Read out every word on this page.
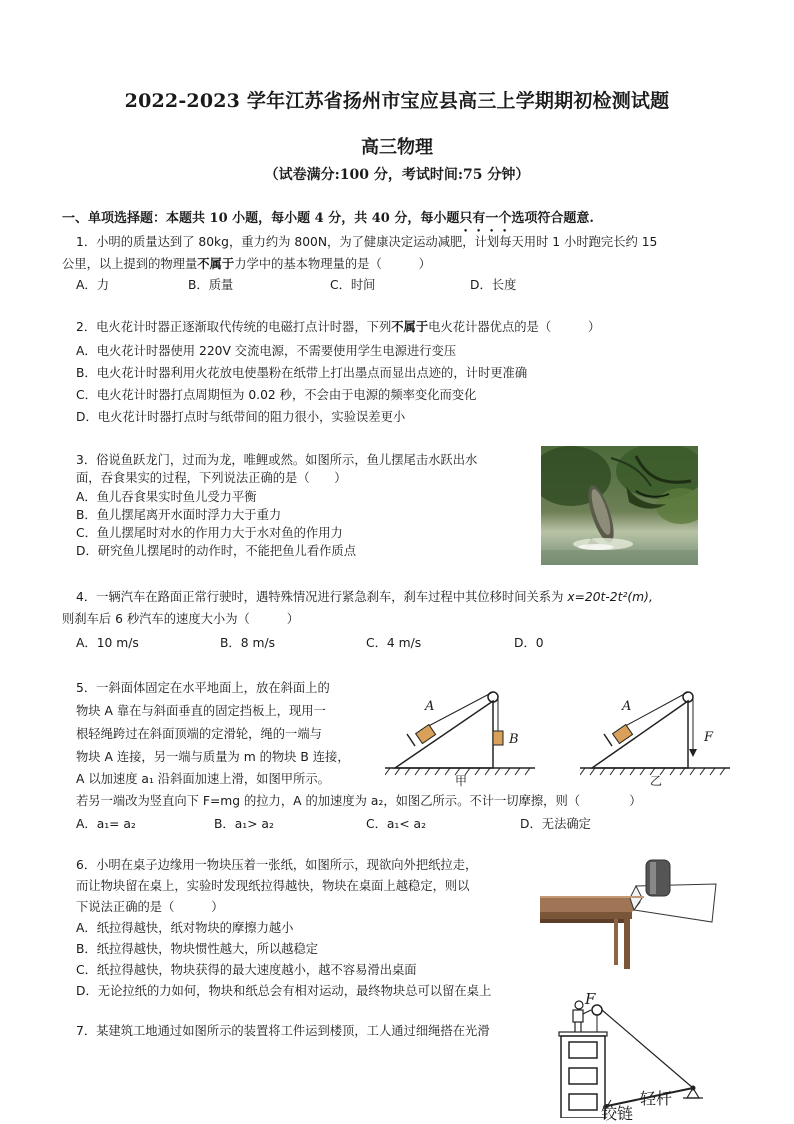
2022-2023 学年江苏省扬州市宝应县高三上学期期初检测试题
高三物理
（试卷满分:100 分，考试时间:75 分钟）
一、单项选择题：本题共 10 小题，每小题 4 分，共 40 分，每小题只有一个选项符合题意.
1．小明的质量达到了 80kg，重力约为 800N，为了健康决定运动减肥，计划每天用时 1 小时跑完长约 15
公里，以上提到的物理量不属于力学中的基本物理量的是（　　　）
A．力	B．质量	C．时间	D．长度
2．电火花计时器正逐渐取代传统的电磁打点计时器，下列不属于电火花计器优点的是（　　　）
A．电火花计时器使用 220V 交流电源，不需要使用学生电源进行变压
B．电火花计时器利用火花放电使墨粉在纸带上打出墨点而显出点迹的，计时更准确
C．电火花计时器打点周期恒为 0.02 秒，不会由于电源的频率变化而变化
D．电火花计时器打点时与纸带间的阻力很小，实验误差更小
3．俗说鱼跃龙门，过而为龙，唯鲤或然。如图所示，鱼儿摆尾击水跃出水
面，吞食果实的过程，下列说法正确的是（　　）
A．鱼儿吞食果实时鱼儿受力平衡
B．鱼儿摆尾离开水面时浮力大于重力
C．鱼儿摆尾时对水的作用力大于水对鱼的作用力
D．研究鱼儿摆尾时的动作时，不能把鱼儿看作质点
4．一辆汽车在路面正常行驶时，遇特殊情况进行紧急刹车，刹车过程中其位移时间关系为 x=20t-2t²(m),
则刹车后 6 秒汽车的速度大小为（　　　）
A．10 m/s	B．8 m/s	C．4 m/s	D．0
5．一斜面体固定在水平地面上，放在斜面上的
物块 A 靠在与斜面垂直的固定挡板上，现用一
根轻绳跨过在斜面顶端的定滑轮，绳的一端与
物块 A 连接，另一端与质量为 m 的物块 B 连接，
A 以加速度 a₁ 沿斜面加速上滑，如图甲所示。
若另一端改为竖直向下 F=mg 的拉力，A 的加速度为 a₂，如图乙所示。不计一切摩擦，则（　　　　）
A．a₁= a₂	B．a₁> a₂	C．a₁< a₂	D．无法确定
A
B
甲
A
F
乙
6．小明在桌子边缘用一物块压着一张纸，如图所示，现欲向外把纸拉走，
而让物块留在桌上，实验时发现纸拉得越快，物块在桌面上越稳定，则以
下说法正确的是（　　　）
A．纸拉得越快，纸对物块的摩擦力越小
B．纸拉得越快，物块惯性越大，所以越稳定
C．纸拉得越快，物块获得的最大速度越小，越不容易滑出桌面
D．无论拉纸的力如何，物块和纸总会有相对运动，最终物块总可以留在桌上
7．某建筑工地通过如图所示的装置将工件运到楼顶，工人通过细绳搭在光滑
F
轻杆
铰链
